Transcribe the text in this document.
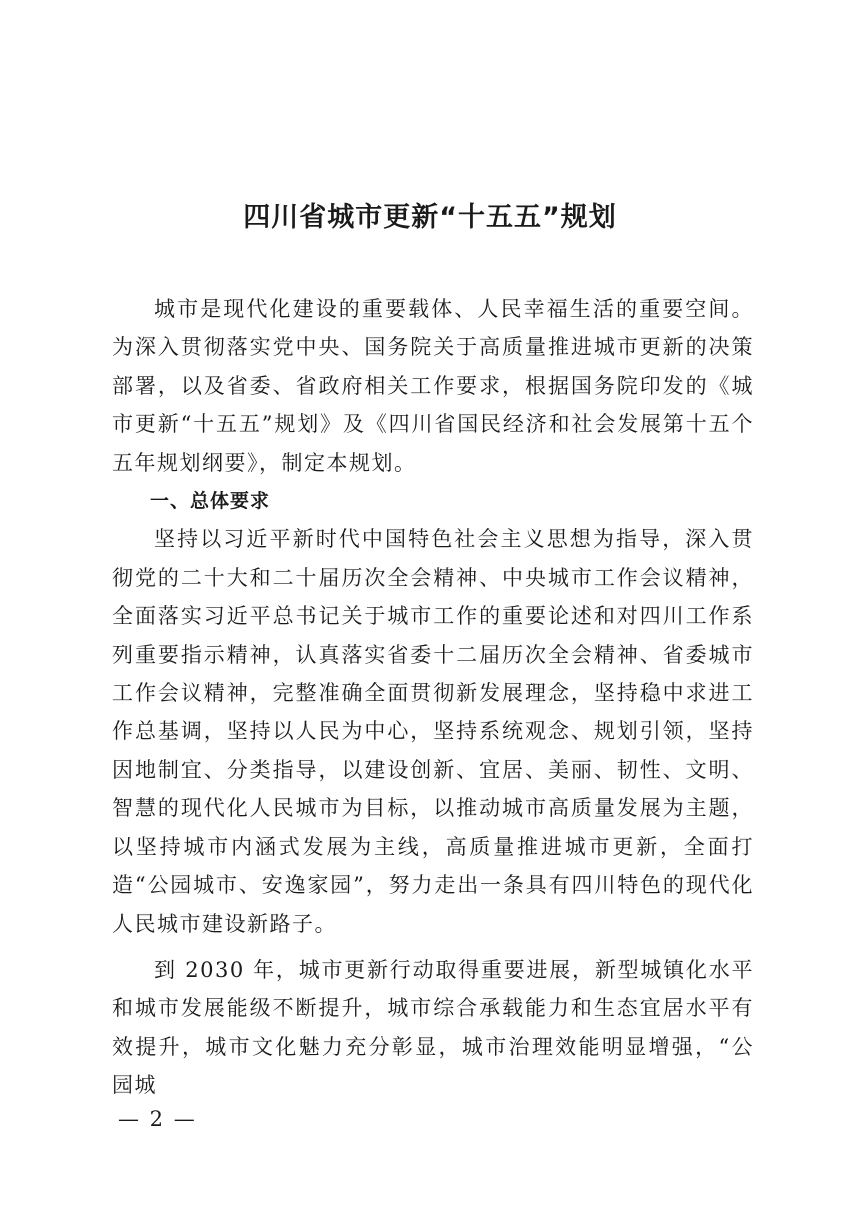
四川省城市更新“十五五”规划

城市是现代化建设的重要载体、人民幸福生活的重要空间。为深入贯彻落实党中央、国务院关于高质量推进城市更新的决策部署，以及省委、省政府相关工作要求，根据国务院印发的《城市更新“十五五”规划》及《四川省国民经济和社会发展第十五个五年规划纲要》，制定本规划。

一、总体要求

坚持以习近平新时代中国特色社会主义思想为指导，深入贯彻党的二十大和二十届历次全会精神、中央城市工作会议精神，全面落实习近平总书记关于城市工作的重要论述和对四川工作系列重要指示精神，认真落实省委十二届历次全会精神、省委城市工作会议精神，完整准确全面贯彻新发展理念，坚持稳中求进工作总基调，坚持以人民为中心，坚持系统观念、规划引领，坚持因地制宜、分类指导，以建设创新、宜居、美丽、韧性、文明、智慧的现代化人民城市为目标，以推动城市高质量发展为主题，以坚持城市内涵式发展为主线，高质量推进城市更新，全面打造“公园城市、安逸家园”，努力走出一条具有四川特色的现代化人民城市建设新路子。

到 2030 年，城市更新行动取得重要进展，新型城镇化水平和城市发展能级不断提升，城市综合承载能力和生态宜居水平有效提升，城市文化魅力充分彰显，城市治理效能明显增强，“公园城

— 2 —
